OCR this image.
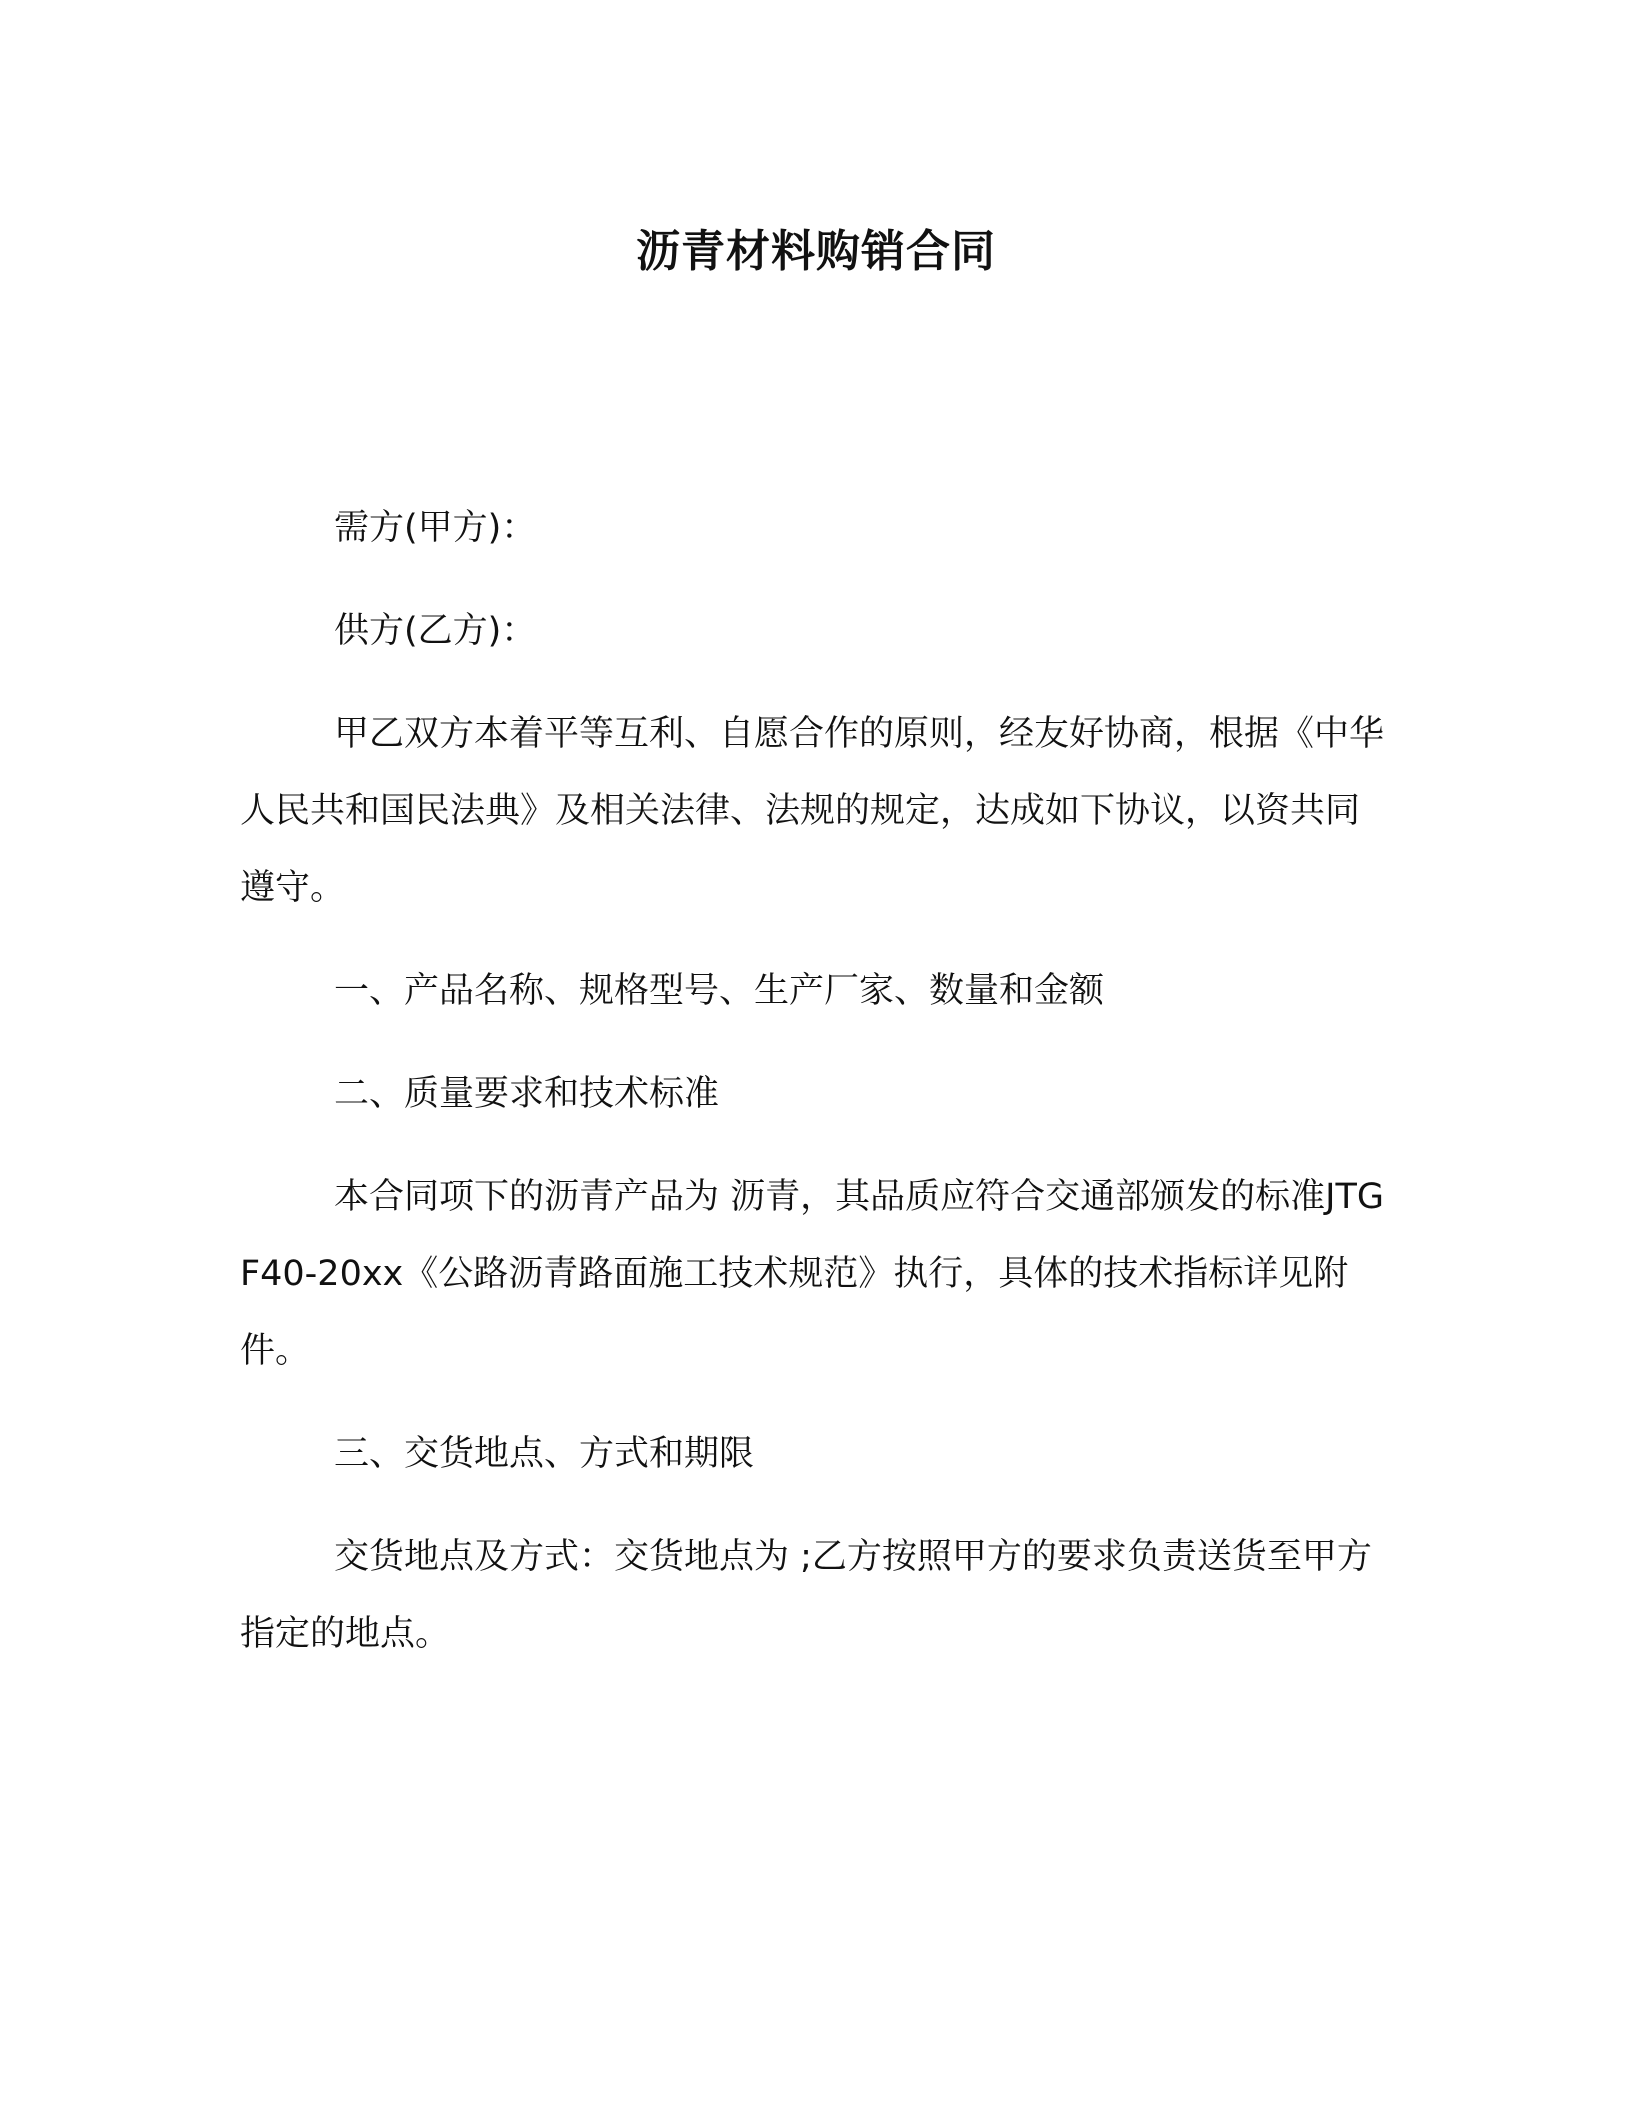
沥青材料购销合同

需方(甲方)：

供方(乙方)：

甲乙双方本着平等互利、自愿合作的原则，经友好协商，根据《中华人民共和国民法典》及相关法律、法规的规定，达成如下协议，以资共同遵守。

一、产品名称、规格型号、生产厂家、数量和金额

二、质量要求和技术标准

本合同项下的沥青产品为 沥青，其品质应符合交通部颁发的标准JTGF40-20xx《公路沥青路面施工技术规范》执行，具体的技术指标详见附件。

三、交货地点、方式和期限

交货地点及方式：交货地点为 ;乙方按照甲方的要求负责送货至甲方指定的地点。
